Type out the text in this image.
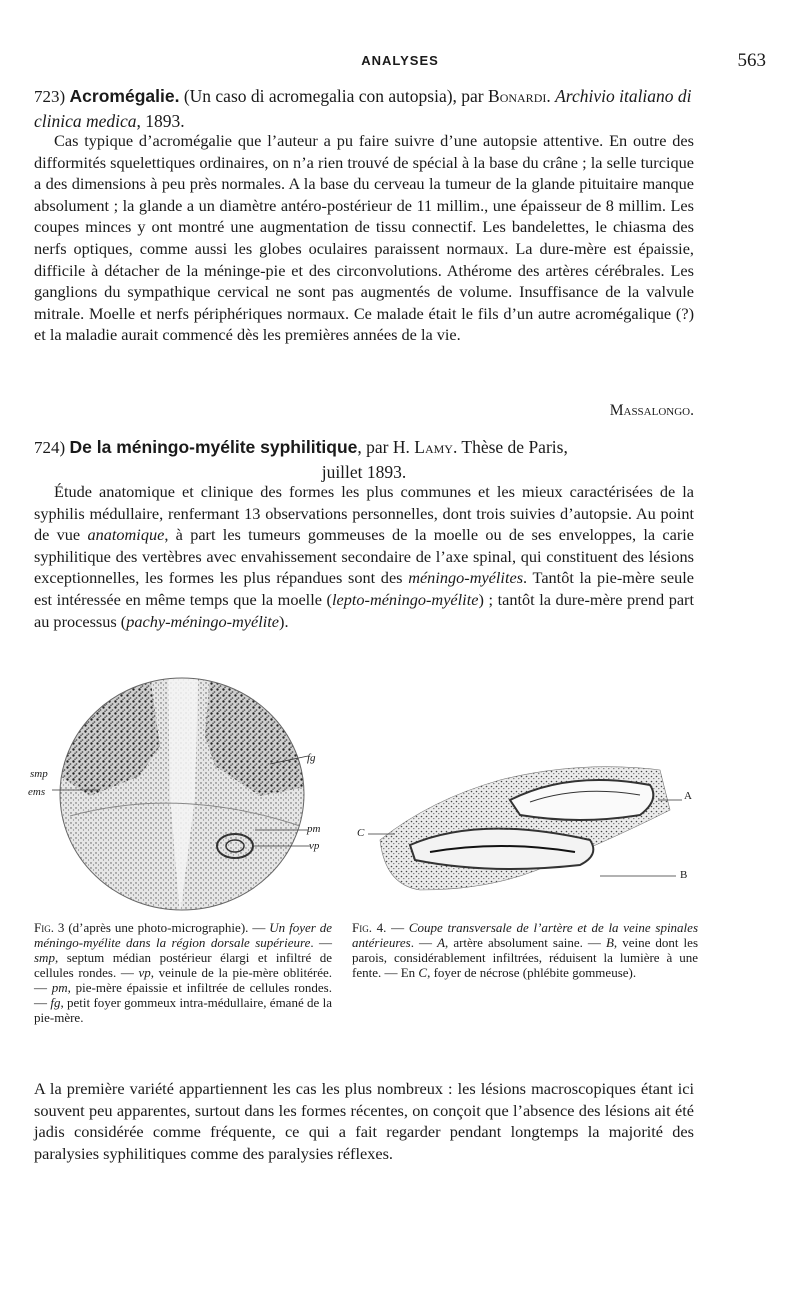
ANALYSES	563
723) Acromégalie. (Un caso di acromegalia con autopsia), par Bonardi. Archivio italiano di clinica medica, 1893.

Cas typique d’acromégalie que l’auteur a pu faire suivre d’une autopsie attentive. En outre des difformités squelettiques ordinaires, on n’a rien trouvé de spécial à la base du crâne ; la selle turcique a des dimensions à peu près normales. A la base du cerveau la tumeur de la glande pituitaire manque absolument ; la glande a un diamètre antéro-postérieur de 11 millim., une épaisseur de 8 millim. Les coupes minces y ont montré une augmentation de tissu connectif. Les bandelettes, le chiasma des nerfs optiques, comme aussi les globes oculaires paraissent normaux. La dure-mère est épaissie, difficile à détacher de la méninge-pie et des circonvolutions. Athérome des artères cérébrales. Les ganglions du sympathique cervical ne sont pas augmentés de volume. Insuffisance de la valvule mitrale. Moelle et nerfs périphériques normaux. Ce malade était le fils d’un autre acromégalique (?) et la maladie aurait commencé dès les premières années de la vie.

Massalongo.
724) De la méningo-myélite syphilitique, par H. Lamy. Thèse de Paris,
juillet 1893.

Étude anatomique et clinique des formes les plus communes et les mieux caractérisées de la syphilis médullaire, renfermant 13 observations personnelles, dont trois suivies d’autopsie. Au point de vue anatomique, à part les tumeurs gommeuses de la moelle ou de ses enveloppes, la carie syphilitique des vertèbres avec envahissement secondaire de l’axe spinal, qui constituent des lésions exceptionnelles, les formes les plus répandues sont des méningo-myélites. Tantôt la pie-mère seule est intéressée en même temps que la moelle (lepto-méningo-myélite) ; tantôt la dure-mère prend part au processus (pachy-méningo-myélite).

smp
ems
fg
pm
vp

Fig. 3 (d’après une photo-micrographie). — Un foyer de méningo-myélite dans la région dorsale supérieure. — smp, septum médian postérieur élargi et infiltré de cellules rondes. — vp, veinule de la pie-mère oblitérée. — pm, pie-mère épaissie et infiltrée de cellules rondes. — fg, petit foyer gommeux intra-médullaire, émané de la pie-mère.

A
B
C

Fig. 4. — Coupe transversale de l’artère et de la veine spinales antérieures. — A, artère absolument saine. — B, veine dont les parois, considérablement infiltrées, réduisent la lumière à une fente. — En C, foyer de nécrose (phlébite gommeuse).

A la première variété appartiennent les cas les plus nombreux : les lésions macroscopiques étant ici souvent peu apparentes, surtout dans les formes récentes, on conçoit que l’absence des lésions ait été jadis considérée comme fréquente, ce qui a fait regarder pendant longtemps la majorité des paralysies syphilitiques comme des paralysies réflexes.
